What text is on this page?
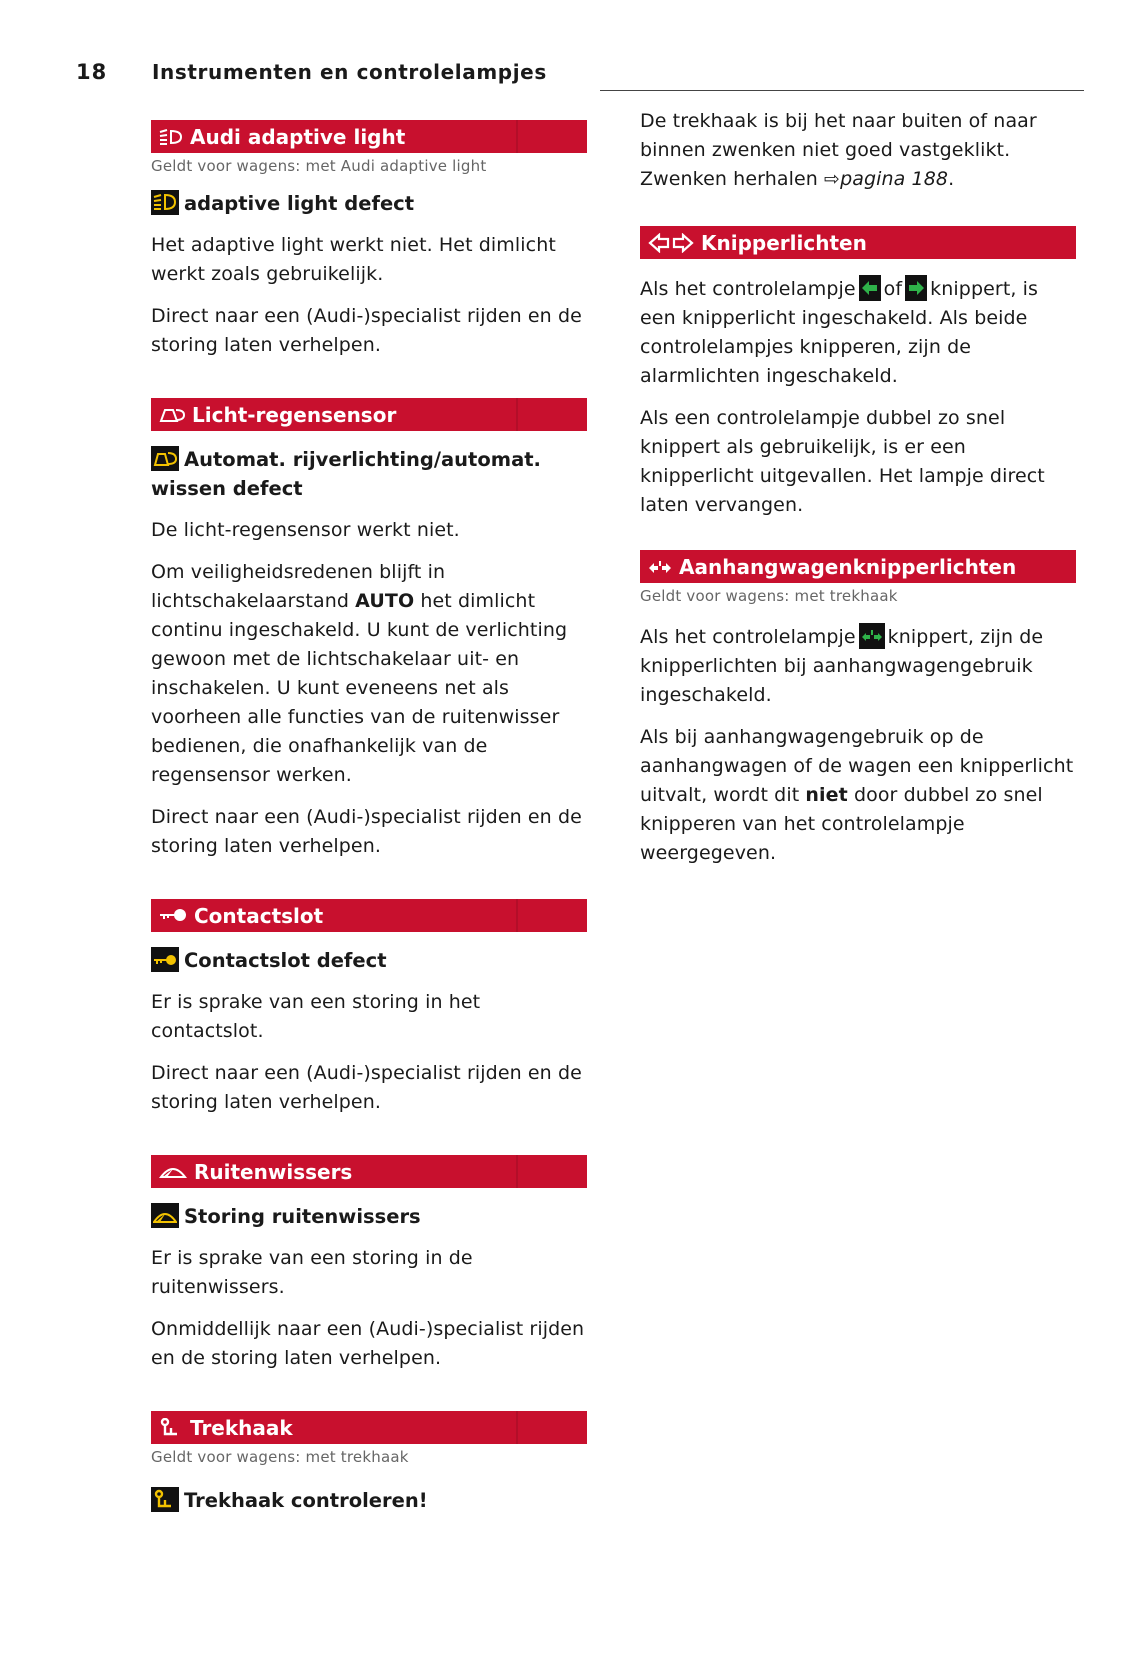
18 Instrumenten en controlelampjes
Audi adaptive light
Geldt voor wagens: met Audi adaptive light
adaptive light defect

Het adaptive light werkt niet. Het dimlicht werkt zoals gebruikelijk.

Direct naar een (Audi-)specialist rijden en de storing laten verhelpen.

Licht-regensensor
Automat. rijverlichting/automat. wissen defect

De licht-regensensor werkt niet.

Om veiligheidsredenen blijft in lichtschakelaarstand AUTO het dimlicht continu ingeschakeld. U kunt de verlichting gewoon met de lichtschakelaar uit- en inschakelen. U kunt eveneens net als voorheen alle functies van de ruitenwisser bedienen, die onafhankelijk van de regensensor werken.

Direct naar een (Audi-)specialist rijden en de storing laten verhelpen.

Contactslot
Contactslot defect

Er is sprake van een storing in het contactslot.

Direct naar een (Audi-)specialist rijden en de storing laten verhelpen.

Ruitenwissers
Storing ruitenwissers

Er is sprake van een storing in de ruitenwissers.

Onmiddellijk naar een (Audi-)specialist rijden en de storing laten verhelpen.

Trekhaak
Geldt voor wagens: met trekhaak
Trekhaak controleren!

De trekhaak is bij het naar buiten of naar binnen zwenken niet goed vastgeklikt. Zwenken herhalen ⇨pagina 188.

Knipperlichten

Als het controlelampje of knippert, is een knipperlicht ingeschakeld. Als beide controlelampjes knipperen, zijn de alarmlichten ingeschakeld.

Als een controlelampje dubbel zo snel knippert als gebruikelijk, is er een knipperlicht uitgevallen. Het lampje direct laten vervangen.

Aanhangwagenknipperlichten
Geldt voor wagens: met trekhaak

Als het controlelampje knippert, zijn de knipperlichten bij aanhangwagengebruik ingeschakeld.

Als bij aanhangwagengebruik op de aanhangwagen of de wagen een knipperlicht uitvalt, wordt dit niet door dubbel zo snel knipperen van het controlelampje weergegeven.
